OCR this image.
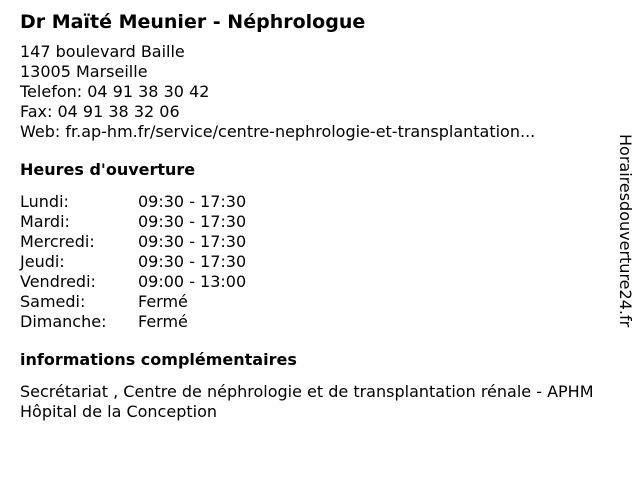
Dr Maïté Meunier - Néphrologue
147 boulevard Baille
13005 Marseille
Telefon: 04 91 38 30 42
Fax: 04 91 38 32 06
Web: fr.ap-hm.fr/service/centre-nephrologie-et-transplantation...
Heures d'ouverture
Lundi:	09:30 - 17:30
Mardi:	09:30 - 17:30
Mercredi:	09:30 - 17:30
Jeudi:	09:30 - 17:30
Vendredi:	09:00 - 13:00
Samedi:	Fermé
Dimanche: Fermé
informations complémentaires
Secrétariat , Centre de néphrologie et de transplantation rénale - APHM Hôpital de la Conception
Horairesdouverture24.fr
